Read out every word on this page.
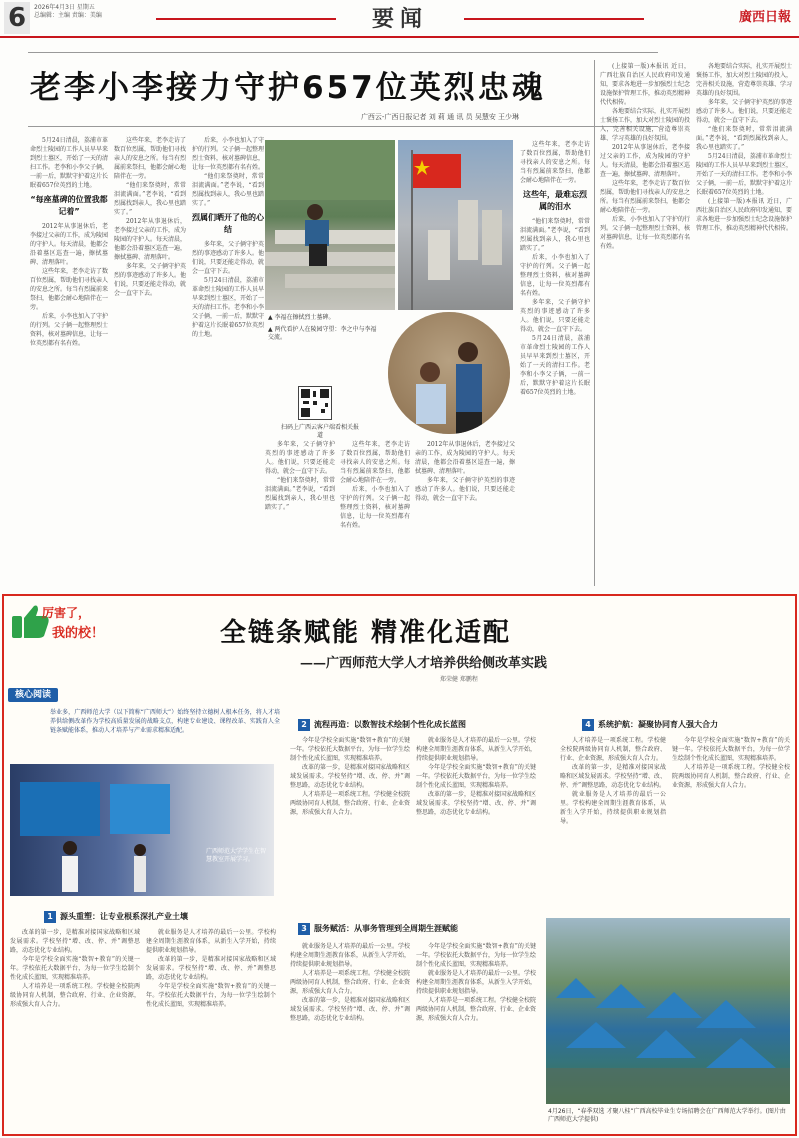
6	2026年4月3日 星期五
总编辑：主编 责编：美编	要闻	廣西日報
老李小李接力守护657位英烈忠魂
广西云-广西日报记者 刘 莉 通 讯 员 吴慧安 王少琳

5月24日清晨，荔浦市革命烈士陵园的工作人员早早来到烈士墓区，开始了一天的清扫工作。老李和小李父子俩，一前一后，默默守护着这片长眠着657位英烈的土地。

“每座墓碑的位置我都记着”

2012年从事退休后，老李接过父亲的工作，成为陵园的守护人。每天清晨，他都会沿着墓区巡查一遍，擦拭墓碑、清理落叶。

这些年来，老李走访了数百位烈属，帮助他们寻找亲人的安息之所。每当有烈属前来祭扫，他都会耐心地陪伴在一旁。

后来，小李也加入了守护的行列。父子俩一起整理烈士资料，核对墓碑信息，让每一位英烈都有名有姓。

这些年来，老李走访了数百位烈属，帮助他们寻找亲人的安息之所。每当有烈属前来祭扫，他都会耐心地陪伴在一旁。

“他们来祭奠时，常常泪流满面。”老李说，“看到烈属找到亲人，我心里也踏实了。”

2012年从事退休后，老李接过父亲的工作，成为陵园的守护人。每天清晨，他都会沿着墓区巡查一遍，擦拭墓碑、清理落叶。

多年来，父子俩守护英烈的事迹感动了许多人。他们说，只要还能走得动，就会一直守下去。

后来，小李也加入了守护的行列。父子俩一起整理烈士资料，核对墓碑信息，让每一位英烈都有名有姓。

“他们来祭奠时，常常泪流满面。”老李说，“看到烈属找到亲人，我心里也踏实了。”

烈属们晒开了他的心结

多年来，父子俩守护英烈的事迹感动了许多人。他们说，只要还能走得动，就会一直守下去。

5月24日清晨，荔浦市革命烈士陵园的工作人员早早来到烈士墓区，开始了一天的清扫工作。老李和小李父子俩，一前一后，默默守护着这片长眠着657位英烈的土地。

▲ 李福在擦拭烈士墓碑。
▲ 两代看护人在陵园守望：李之中与李福交流。
扫码上广西云客户端看相关报道

多年来，父子俩守护英烈的事迹感动了许多人。他们说，只要还能走得动，就会一直守下去。

“他们来祭奠时，常常泪流满面。”老李说，“看到烈属找到亲人，我心里也踏实了。”

这些年来，老李走访了数百位烈属，帮助他们寻找亲人的安息之所。每当有烈属前来祭扫，他都会耐心地陪伴在一旁。

后来，小李也加入了守护的行列。父子俩一起整理烈士资料，核对墓碑信息，让每一位英烈都有名有姓。

2012年从事退休后，老李接过父亲的工作，成为陵园的守护人。每天清晨，他都会沿着墓区巡查一遍，擦拭墓碑、清理落叶。

多年来，父子俩守护英烈的事迹感动了许多人。他们说，只要还能走得动，就会一直守下去。

这些年来，老李走访了数百位烈属，帮助他们寻找亲人的安息之所。每当有烈属前来祭扫，他都会耐心地陪伴在一旁。

这些年，最难忘烈属的泪水

“他们来祭奠时，常常泪流满面。”老李说，“看到烈属找到亲人，我心里也踏实了。”

后来，小李也加入了守护的行列。父子俩一起整理烈士资料，核对墓碑信息，让每一位英烈都有名有姓。

多年来，父子俩守护英烈的事迹感动了许多人。他们说，只要还能走得动，就会一直守下去。

5月24日清晨，荔浦市革命烈士陵园的工作人员早早来到烈士墓区，开始了一天的清扫工作。老李和小李父子俩，一前一后，默默守护着这片长眠着657位英烈的土地。

(上接第一版)本报讯 近日，广西壮族自治区人民政府印发通知，要求各地进一步加强烈士纪念设施保护管理工作，推动英烈精神代代相传。

各地要结合实际，扎实开展烈士褒扬工作，加大对烈士陵园的投入，完善相关设施，营造尊崇英雄、学习英雄的良好氛围。

2012年从事退休后，老李接过父亲的工作，成为陵园的守护人。每天清晨，他都会沿着墓区巡查一遍，擦拭墓碑、清理落叶。

这些年来，老李走访了数百位烈属，帮助他们寻找亲人的安息之所。每当有烈属前来祭扫，他都会耐心地陪伴在一旁。

后来，小李也加入了守护的行列。父子俩一起整理烈士资料，核对墓碑信息，让每一位英烈都有名有姓。

各地要结合实际，扎实开展烈士褒扬工作，加大对烈士陵园的投入，完善相关设施，营造尊崇英雄、学习英雄的良好氛围。

多年来，父子俩守护英烈的事迹感动了许多人。他们说，只要还能走得动，就会一直守下去。

“他们来祭奠时，常常泪流满面。”老李说，“看到烈属找到亲人，我心里也踏实了。”

5月24日清晨，荔浦市革命烈士陵园的工作人员早早来到烈士墓区，开始了一天的清扫工作。老李和小李父子俩，一前一后，默默守护着这片长眠着657位英烈的土地。

(上接第一版)本报讯 近日，广西壮族自治区人民政府印发通知，要求各地进一步加强烈士纪念设施保护管理工作，推动英烈精神代代相传。

厉害了，
我的校！	全链条赋能 精准化适配
——广西师范大学人才培养供给侧改革实践
郑荣健 郑鹏程
核心阅读
举业多，广西师范大学（以下简称“广西师大”）始终坚持立德树人根本任务，将人才培养供给侧改革作为学校高质量发展的战略支点，构建专业建设、课程改革、实践育人全链条赋能体系，推动人才培养与产业需求精准适配。
广西师范大学学生在智慧教室开展学习。
1 源头重塑：让专业根系深扎产业土壤

改革的第一步，是精准对接国家战略和区域发展需求。学校坚持“增、改、停、并”调整思路，动态优化专业结构。

今年是学校全面实施“数智+教育”的关键一年。学校依托大数据平台，为每一位学生绘制个性化成长蓝图，实现精准培养。

人才培养是一项系统工程。学校健全校院两级协同育人机制，整合政府、行业、企业资源，形成强大育人合力。

就业服务是人才培养的最后一公里。学校构建全周期生涯教育体系，从新生入学开始，持续提供职业规划指导。

改革的第一步，是精准对接国家战略和区域发展需求。学校坚持“增、改、停、并”调整思路，动态优化专业结构。

今年是学校全面实施“数智+教育”的关键一年。学校依托大数据平台，为每一位学生绘制个性化成长蓝图，实现精准培养。

2 流程再造：以数智技术绘制个性化成长蓝图

今年是学校全面实施“数智+教育”的关键一年。学校依托大数据平台，为每一位学生绘制个性化成长蓝图，实现精准培养。

改革的第一步，是精准对接国家战略和区域发展需求。学校坚持“增、改、停、并”调整思路，动态优化专业结构。

人才培养是一项系统工程。学校健全校院两级协同育人机制，整合政府、行业、企业资源，形成强大育人合力。

就业服务是人才培养的最后一公里。学校构建全周期生涯教育体系，从新生入学开始，持续提供职业规划指导。

今年是学校全面实施“数智+教育”的关键一年。学校依托大数据平台，为每一位学生绘制个性化成长蓝图，实现精准培养。

改革的第一步，是精准对接国家战略和区域发展需求。学校坚持“增、改、停、并”调整思路，动态优化专业结构。

3 服务赋活：从事务管理到全周期生涯赋能

就业服务是人才培养的最后一公里。学校构建全周期生涯教育体系，从新生入学开始，持续提供职业规划指导。

人才培养是一项系统工程。学校健全校院两级协同育人机制，整合政府、行业、企业资源，形成强大育人合力。

改革的第一步，是精准对接国家战略和区域发展需求。学校坚持“增、改、停、并”调整思路，动态优化专业结构。

今年是学校全面实施“数智+教育”的关键一年。学校依托大数据平台，为每一位学生绘制个性化成长蓝图，实现精准培养。

就业服务是人才培养的最后一公里。学校构建全周期生涯教育体系，从新生入学开始，持续提供职业规划指导。

人才培养是一项系统工程。学校健全校院两级协同育人机制，整合政府、行业、企业资源，形成强大育人合力。

4 系统护航：凝聚协同育人强大合力

人才培养是一项系统工程。学校健全校院两级协同育人机制，整合政府、行业、企业资源，形成强大育人合力。

改革的第一步，是精准对接国家战略和区域发展需求。学校坚持“增、改、停、并”调整思路，动态优化专业结构。

就业服务是人才培养的最后一公里。学校构建全周期生涯教育体系，从新生入学开始，持续提供职业规划指导。

今年是学校全面实施“数智+教育”的关键一年。学校依托大数据平台，为每一位学生绘制个性化成长蓝图，实现精准培养。

人才培养是一项系统工程。学校健全校院两级协同育人机制，整合政府、行业、企业资源，形成强大育人合力。

4月26日，“春季双选 才聚八桂”广西高校毕业生专场招聘会在广西师范大学举行。(图片由广西师范大学提供)
